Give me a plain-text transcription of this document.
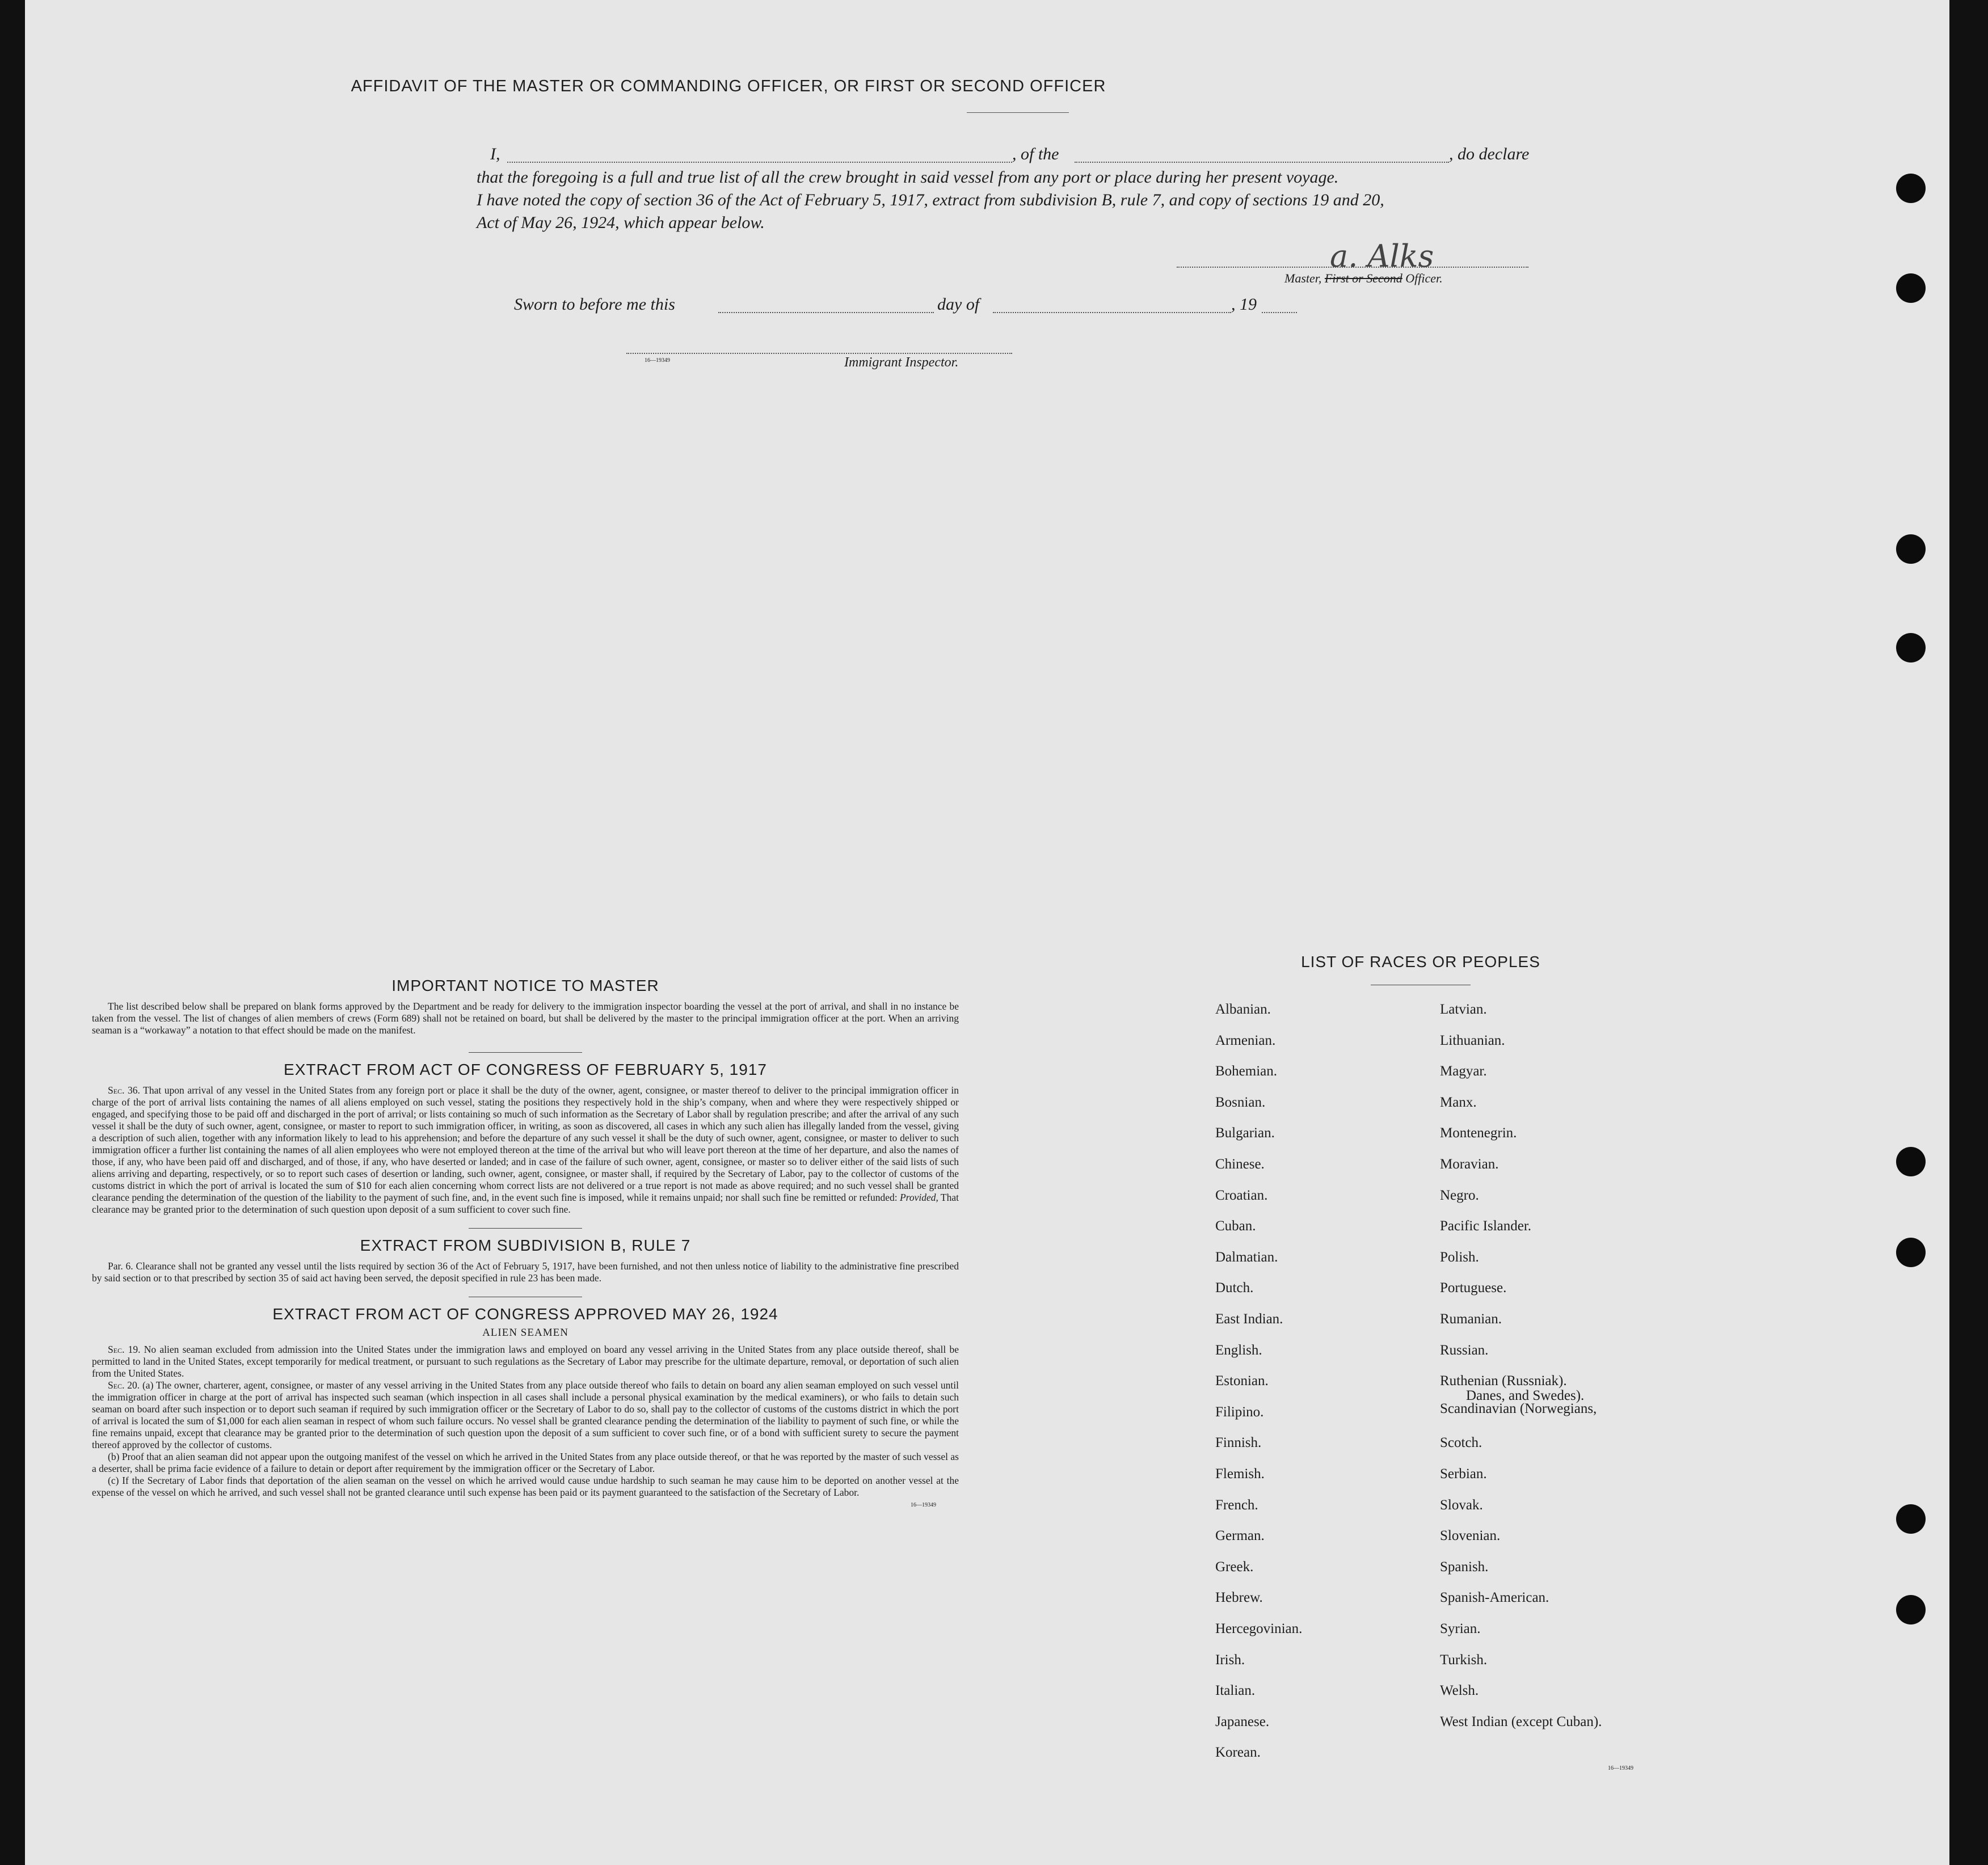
AFFIDAVIT OF THE MASTER OR COMMANDING OFFICER, OR FIRST OR SECOND OFFICER
I,	, of the	, do declare
that the foregoing is a full and true list of all the crew brought in said vessel from any port or place during her present voyage.
I have noted the copy of section 36 of the Act of February 5, 1917, extract from subdivision B, rule 7, and copy of sections 19 and 20,
Act of May 26, 1924, which appear below.
a. Alks
Master, First or Second Officer.
Sworn to before me this	day of	, 19
16—19349	Immigrant Inspector.
IMPORTANT NOTICE TO MASTER

The list described below shall be prepared on blank forms approved by the Department and be ready for delivery to the immigration inspector boarding the vessel at the port of arrival, and shall in no instance be taken from the vessel. The list of changes of alien members of crews (Form 689) shall not be retained on board, but shall be delivered by the master to the principal immigration officer at the port. When an arriving seaman is a “workaway” a notation to that effect should be made on the manifest.

EXTRACT FROM ACT OF CONGRESS OF FEBRUARY 5, 1917

Sec. 36. That upon arrival of any vessel in the United States from any foreign port or place it shall be the duty of the owner, agent, consignee, or master thereof to deliver to the principal immigration officer in charge of the port of arrival lists containing the names of all aliens employed on such vessel, stating the positions they respectively hold in the ship’s company, when and where they were respectively shipped or engaged, and specifying those to be paid off and discharged in the port of arrival; or lists containing so much of such information as the Secretary of Labor shall by regulation prescribe; and after the arrival of any such vessel it shall be the duty of such owner, agent, consignee, or master to report to such immigration officer, in writing, as soon as discovered, all cases in which any such alien has illegally landed from the vessel, giving a description of such alien, together with any information likely to lead to his apprehension; and before the departure of any such vessel it shall be the duty of such owner, agent, consignee, or master to deliver to such immigration officer a further list containing the names of all alien employees who were not employed thereon at the time of the arrival but who will leave port thereon at the time of her departure, and also the names of those, if any, who have been paid off and discharged, and of those, if any, who have deserted or landed; and in case of the failure of such owner, agent, consignee, or master so to deliver either of the said lists of such aliens arriving and departing, respectively, or so to report such cases of desertion or landing, such owner, agent, consignee, or master shall, if required by the Secretary of Labor, pay to the collector of customs of the customs district in which the port of arrival is located the sum of $10 for each alien concerning whom correct lists are not delivered or a true report is not made as above required; and no such vessel shall be granted clearance pending the determination of the question of the liability to the payment of such fine, and, in the event such fine is imposed, while it remains unpaid; nor shall such fine be remitted or refunded: Provided, That clearance may be granted prior to the determination of such question upon deposit of a sum sufficient to cover such fine.

EXTRACT FROM SUBDIVISION B, RULE 7

Par. 6. Clearance shall not be granted any vessel until the lists required by section 36 of the Act of February 5, 1917, have been furnished, and not then unless notice of liability to the administrative fine prescribed by said section or to that prescribed by section 35 of said act having been served, the deposit specified in rule 23 has been made.

EXTRACT FROM ACT OF CONGRESS APPROVED MAY 26, 1924
ALIEN SEAMEN

Sec. 19. No alien seaman excluded from admission into the United States under the immigration laws and employed on board any vessel arriving in the United States from any place outside thereof, shall be permitted to land in the United States, except temporarily for medical treatment, or pursuant to such regulations as the Secretary of Labor may prescribe for the ultimate departure, removal, or deportation of such alien from the United States.

Sec. 20. (a) The owner, charterer, agent, consignee, or master of any vessel arriving in the United States from any place outside thereof who fails to detain on board any alien seaman employed on such vessel until the immigration officer in charge at the port of arrival has inspected such seaman (which inspection in all cases shall include a personal physical examination by the medical examiners), or who fails to detain such seaman on board after such inspection or to deport such seaman if required by such immigration officer or the Secretary of Labor to do so, shall pay to the collector of customs of the customs district in which the port of arrival is located the sum of $1,000 for each alien seaman in respect of whom such failure occurs. No vessel shall be granted clearance pending the determination of the liability to payment of such fine, or while the fine remains unpaid, except that clearance may be granted prior to the determination of such question upon the deposit of a sum sufficient to cover such fine, or of a bond with sufficient surety to secure the payment thereof approved by the collector of customs.

(b) Proof that an alien seaman did not appear upon the outgoing manifest of the vessel on which he arrived in the United States from any place outside thereof, or that he was reported by the master of such vessel as a deserter, shall be prima facie evidence of a failure to detain or deport after requirement by the immigration officer or the Secretary of Labor.

(c) If the Secretary of Labor finds that deportation of the alien seaman on the vessel on which he arrived would cause undue hardship to such seaman he may cause him to be deported on another vessel at the expense of the vessel on which he arrived, and such vessel shall not be granted clearance until such expense has been paid or its payment guaranteed to the satisfaction of the Secretary of Labor.

16—19349
LIST OF RACES OR PEOPLES
16—19349
Albanian.
Armenian.
Bohemian.
Bosnian.
Bulgarian.
Chinese.
Croatian.
Cuban.
Dalmatian.
Dutch.
East Indian.
English.
Estonian.
Filipino.
Finnish.
Flemish.
French.
German.
Greek.
Hebrew.
Hercegovinian.
Irish.
Italian.
Japanese.
Korean.
Latvian.
Lithuanian.
Magyar.
Manx.
Montenegrin.
Moravian.
Negro.
Pacific Islander.
Polish.
Portuguese.
Rumanian.
Russian.
Ruthenian (Russniak).
Scandinavian (Norwegians,
Danes, and Swedes).
Scotch.
Serbian.
Slovak.
Slovenian.
Spanish.
Spanish-American.
Syrian.
Turkish.
Welsh.
West Indian (except Cuban).
